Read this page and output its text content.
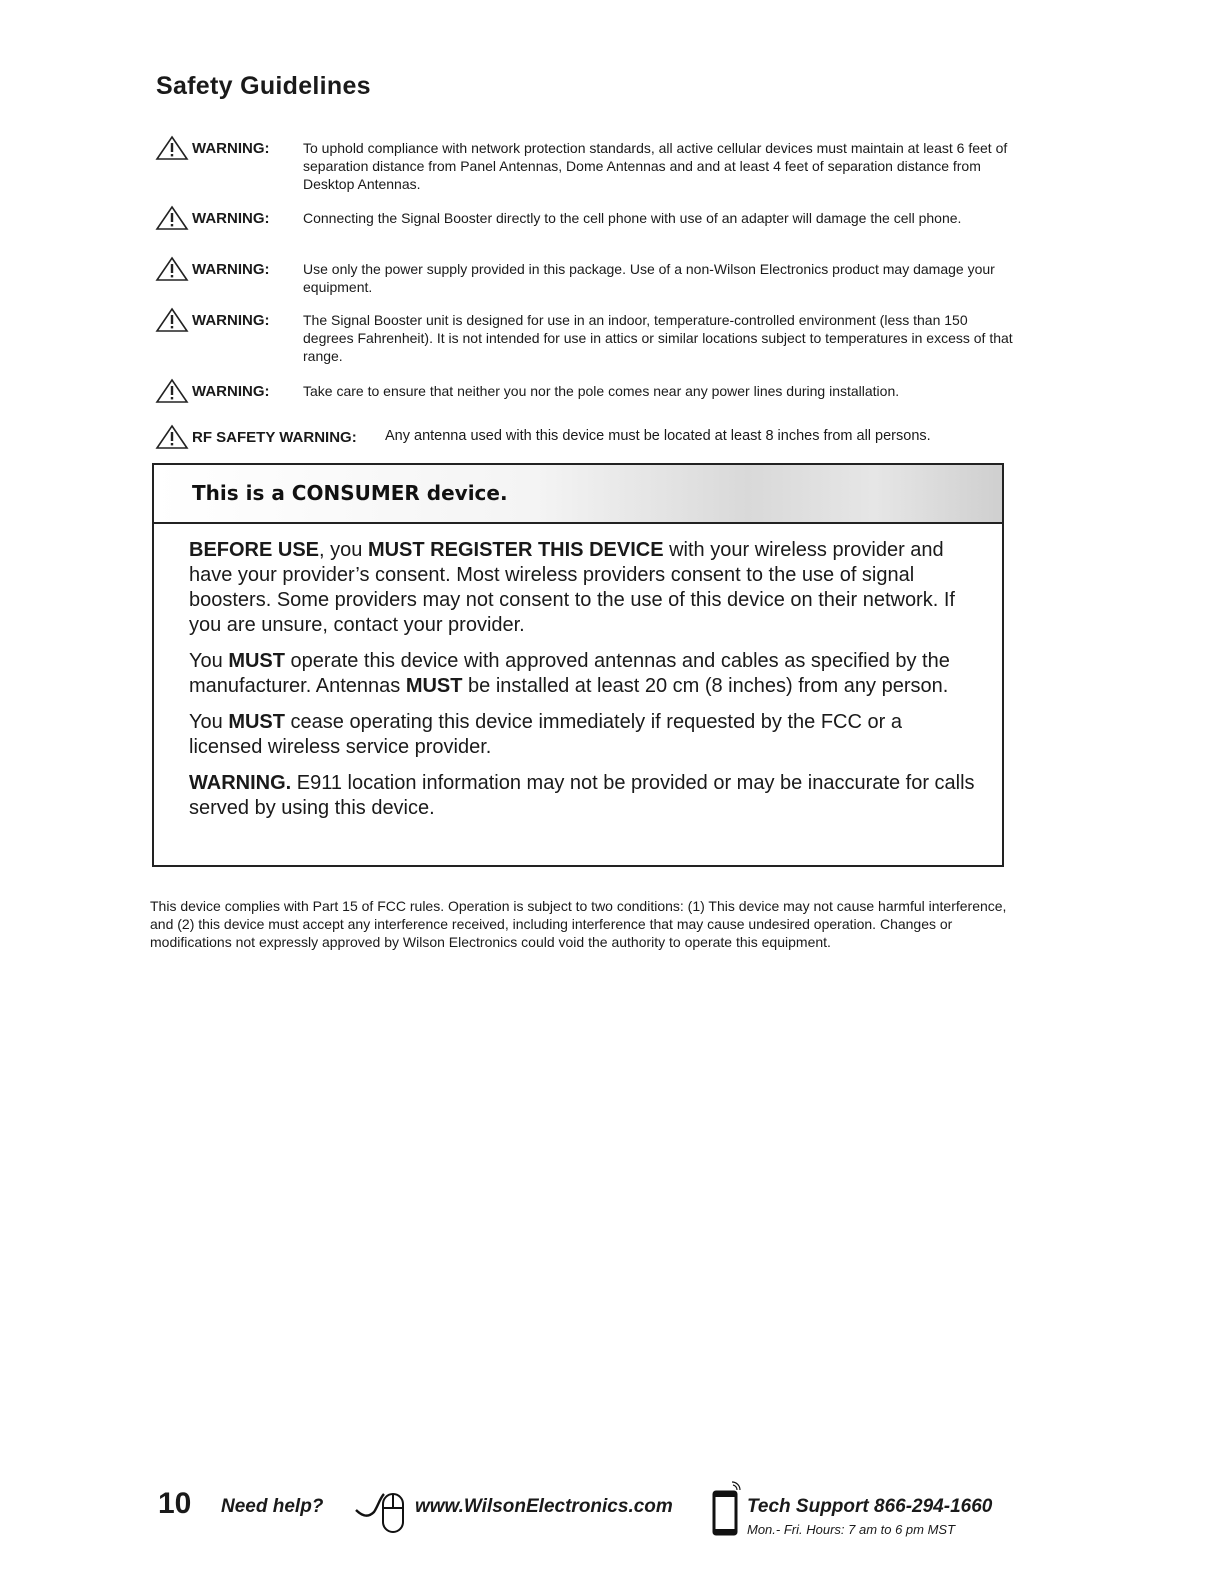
Safety Guidelines
WARNING: To uphold compliance with network protection standards, all active cellular devices must maintain at least 6 feet of separation distance from Panel Antennas, Dome Antennas and and at least 4 feet of separation distance from Desktop Antennas.
WARNING: Connecting the Signal Booster directly to the cell phone with use of an adapter will damage the cell phone.
WARNING: Use only the power supply provided in this package. Use of a non-Wilson Electronics product may damage your equipment.
WARNING: The Signal Booster unit is designed for use in an indoor, temperature-controlled environment (less than 150 degrees Fahrenheit). It is not intended for use in attics or similar locations subject to temperatures in excess of that range.
WARNING: Take care to ensure that neither you nor the pole comes near any power lines during installation.
RF SAFETY WARNING: Any antenna used with this device must be located at least 8 inches from all persons.
This is a CONSUMER device.

BEFORE USE, you MUST REGISTER THIS DEVICE with your wireless provider and have your provider’s consent. Most wireless providers consent to the use of signal boosters. Some providers may not consent to the use of this device on their network. If you are unsure, contact your provider.

You MUST operate this device with approved antennas and cables as specified by the manufacturer. Antennas MUST be installed at least 20 cm (8 inches) from any person.

You MUST cease operating this device immediately if requested by the FCC or a licensed wireless service provider.

WARNING. E911 location information may not be provided or may be inaccurate for calls served by using this device.

This device complies with Part 15 of FCC rules. Operation is subject to two conditions: (1) This device may not cause harmful interference, and (2) this device must accept any interference received, including interference that may cause undesired operation. Changes or modifications not expressly approved by Wilson Electronics could void the authority to operate this equipment.
10 Need help?	www.WilsonElectronics.com	Tech Support 866-294-1660
Mon.- Fri. Hours: 7 am to 6 pm MST
